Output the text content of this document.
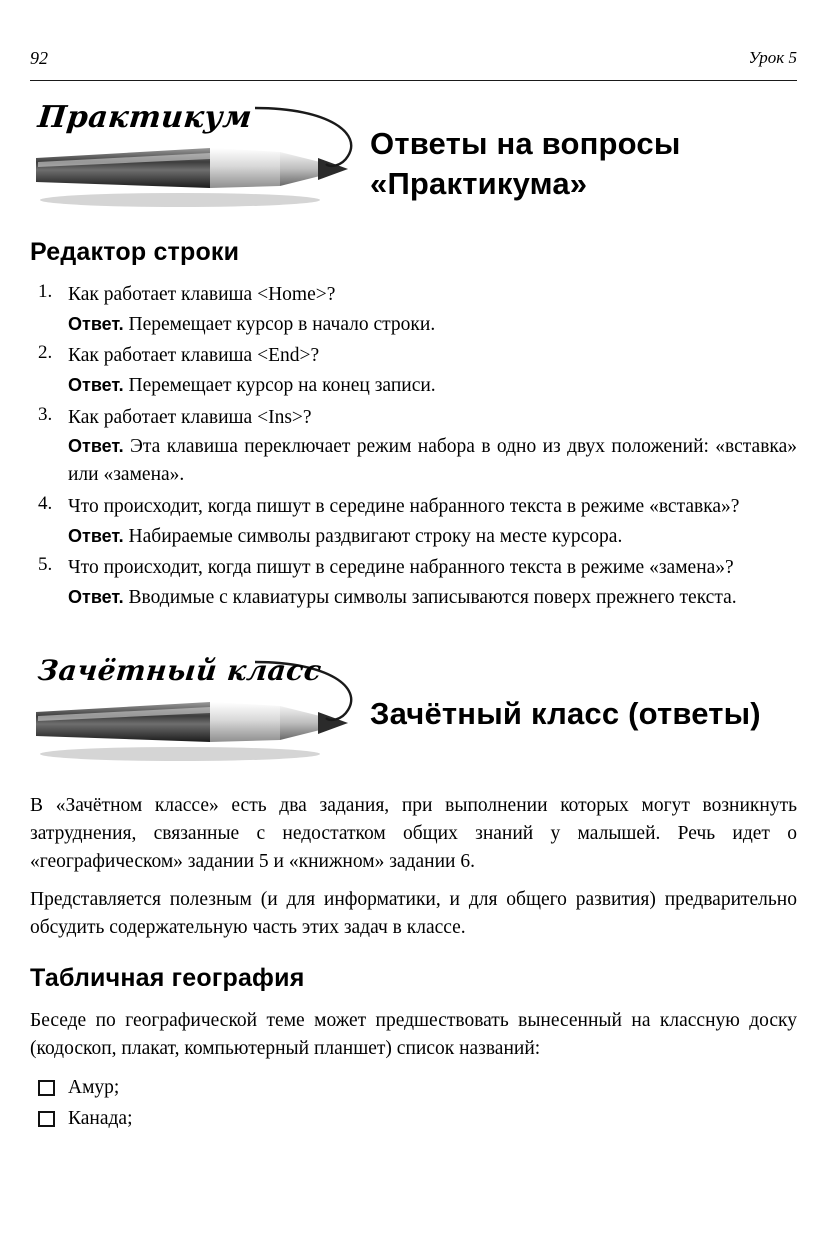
92	Урок 5
Практикум
Ответы на вопросы
«Практикума»
Редактор строки
1. Как работает клавиша <Home>?

Ответ. Перемещает курсор в начало строки.

2. Как работает клавиша <End>?

Ответ. Перемещает курсор на конец записи.

3. Как работает клавиша <Ins>?

Ответ. Эта клавиша переключает режим набора в одно из двух положений: «вставка» или «замена».

4. Что происходит, когда пишут в середине набранного текста в режиме «вставка»?

Ответ. Набираемые символы раздвигают строку на месте курсора.

5. Что происходит, когда пишут в середине набранного текста в режиме «замена»?

Ответ. Вводимые с клавиатуры символы записываются поверх прежнего текста.

Зачётный класс
Зачётный класс (ответы)

В «Зачётном классе» есть два задания, при выполнении которых могут возникнуть затруднения, связанные с недостатком общих знаний у малышей. Речь идет о «географическом» задании 5 и «книжном» задании 6.

Представляется полезным (и для информатики, и для общего развития) предварительно обсудить содержательную часть этих задач в классе.

Табличная география

Беседе по географической теме может предшествовать вынесенный на классную доску (кодоскоп, плакат, компьютерный планшет) список названий:

Амур;
Канада;
